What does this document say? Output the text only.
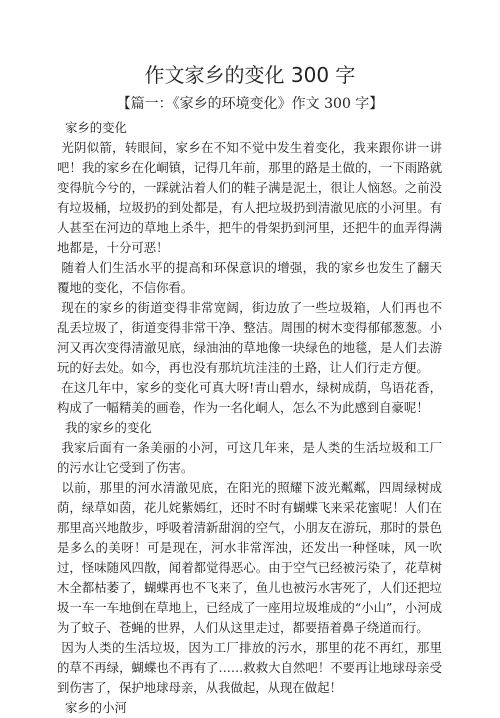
作文家乡的变化 300 字
【篇一：《家乡的环境变化》作文 300 字】

家乡的变化

光阴似箭，转眼间，家乡在不知不觉中发生着变化，我来跟你讲一讲吧！我的家乡在化峒镇，记得几年前，那里的路是土做的，一下雨路就变得肮今兮的，一踩就沾着人们的鞋子满是泥土，很让人恼怒。之前没有垃圾桶，垃圾扔的到处都是，有人把垃圾扔到清澈见底的小河里。有人甚至在河边的草地上杀牛，把牛的骨架扔到河里，还把牛的血弄得满地都是，十分可恶！

随着人们生活水平的提高和环保意识的增强，我的家乡也发生了翻天覆地的变化，不信你看。

现在的家乡的街道变得非常宽阔，街边放了一些垃圾箱，人们再也不乱丢垃圾了，街道变得非常干净、整洁。周围的树木变得郁郁葱葱。小河又再次变得清澈见底，绿油油的草地像一块绿色的地毯，是人们去游玩的好去处。如今，再也没有那坑坑洼洼的土路，让人们行走方便。

在这几年中，家乡的变化可真大呀!青山碧水，绿树成荫，鸟语花香，构成了一幅精美的画卷，作为一名化峒人，怎么不为此感到自豪呢！

我的家乡的变化

我家后面有一条美丽的小河，可这几年来，是人类的生活垃圾和工厂的污水让它受到了伤害。

以前，那里的河水清澈见底，在阳光的照耀下波光粼粼，四周绿树成荫，绿草如茵，花儿姹紫嫣红，还时不时有蝴蝶飞来采花蜜呢！人们在那里高兴地散步，呼吸着清新甜润的空气，小朋友在游玩，那时的景色是多么的美呀！可是现在，河水非常浑浊，还发出一种怪味，风一吹过，怪味随风四散，闻着都觉得恶心。由于空气已经被污染了，花草树木全都枯萎了，蝴蝶再也不飞来了，鱼儿也被污水害死了，人们还把垃圾一车一车地倒在草地上，已经成了一座用垃圾堆成的“小山”，小河成为了蚊子、苍蝇的世界，人们从这里走过，都要捂着鼻子绕道而行。

因为人类的生活垃圾，因为工厂排放的污水，那里的花不再红，那里的草不再绿，蝴蝶也不再有了……救救大自然吧！不要再让地球母亲受到伤害了，保护地球母亲，从我做起，从现在做起！

家乡的小河
